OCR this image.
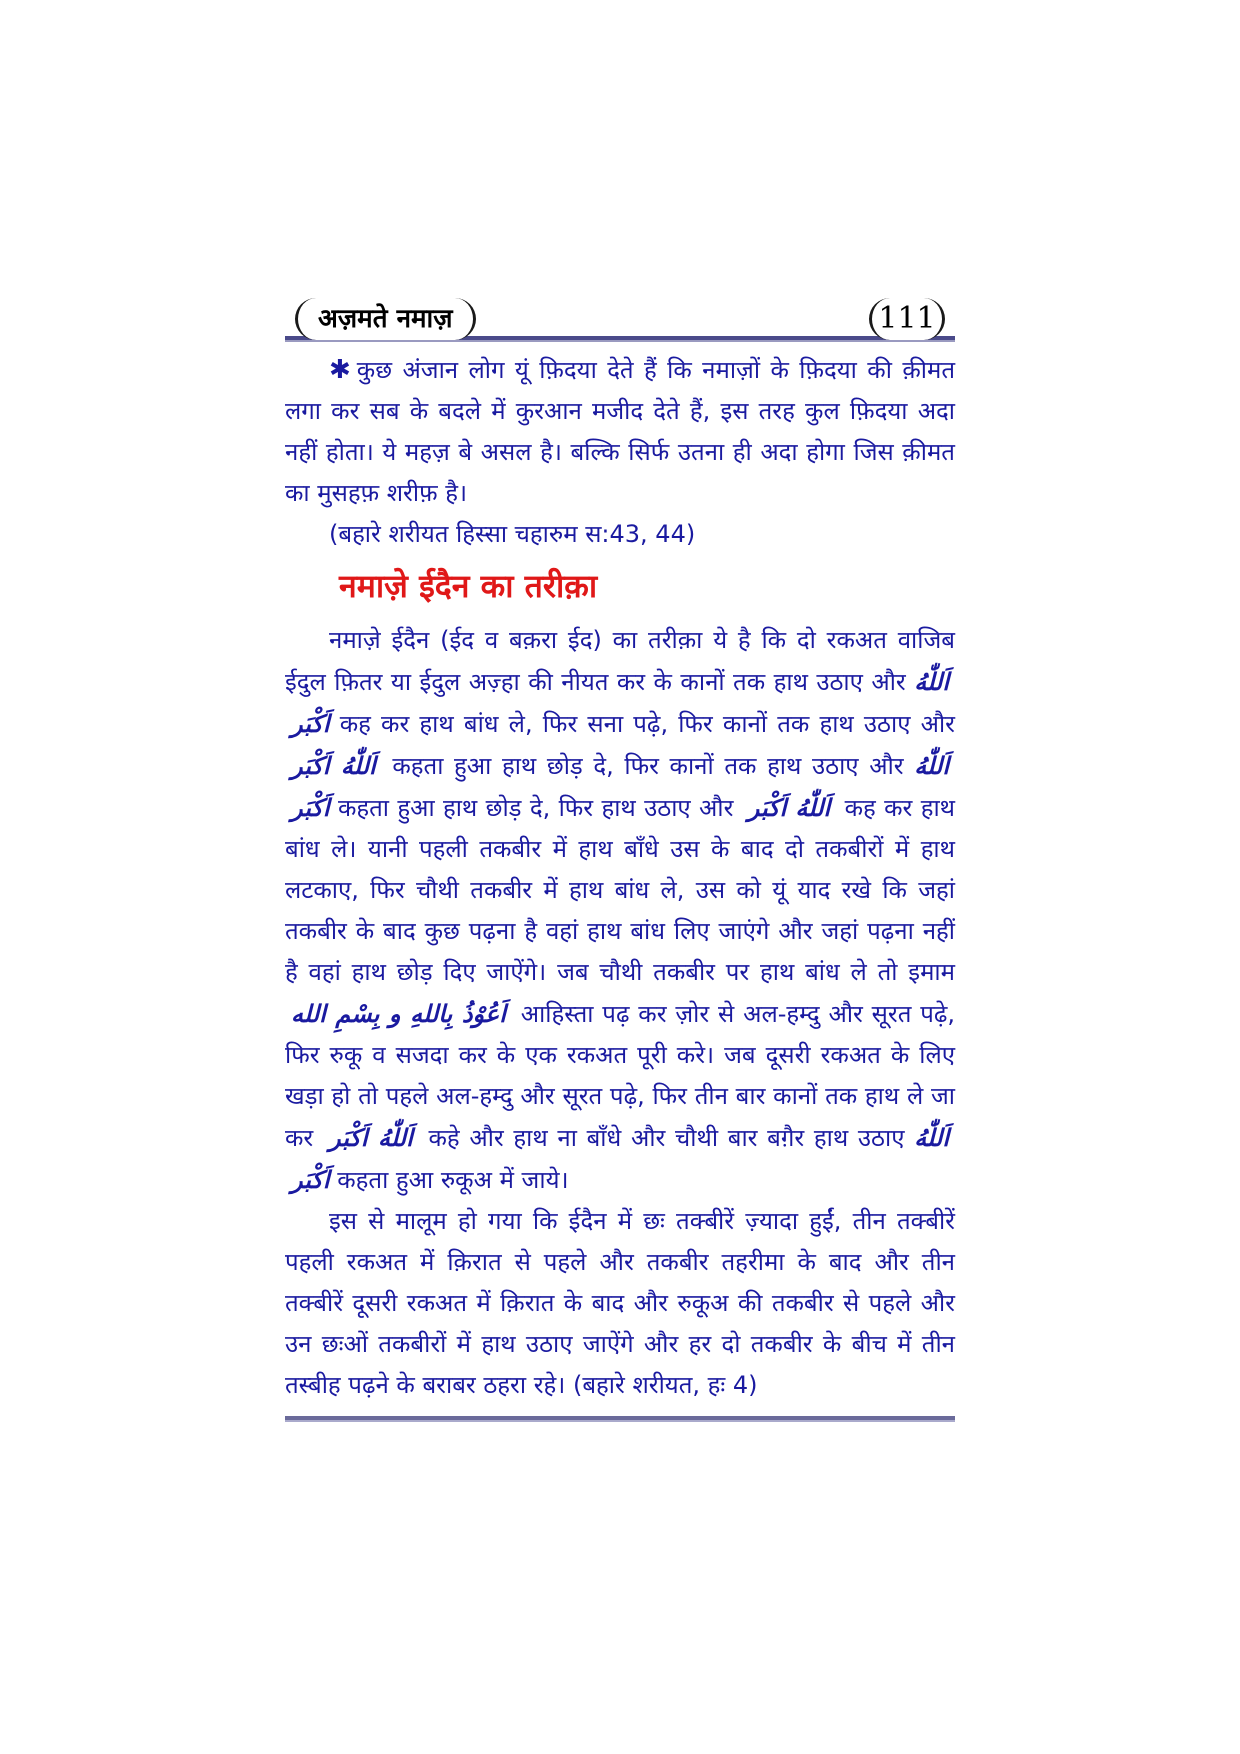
अज़मते नमाज़	111

✱ कुछ अंजान लोग यूं फ़िदया देते हैं कि नमाज़ों के फ़िदया की क़ीमत लगा कर सब के बदले में कुरआन मजीद देते हैं, इस तरह कुल फ़िदया अदा नहीं होता। ये महज़ बे असल है। बल्कि सिर्फ उतना ही अदा होगा जिस क़ीमत का मुसहफ़ शरीफ़ है।

(बहारे शरीयत हिस्सा चहारुम स:43, 44)
नमाज़े ईदैन का तरीक़ा

नमाज़े ईदैन (ईद व बक़रा ईद) का तरीक़ा ये है कि दो रकअत वाजिब ईदुल फ़ितर या ईदुल अज़्हा की नीयत कर के कानों तक हाथ उठाए और اَللّٰهُ اَكْبَر कह कर हाथ बांध ले, फिर सना पढ़े, फिर कानों तक हाथ उठाए और اَللّٰهُ اَكْبَر कहता हुआ हाथ छोड़ दे, फिर कानों तक हाथ उठाए और اَللّٰهُ اَكْبَر कहता हुआ हाथ छोड़ दे, फिर हाथ उठाए और اَللّٰهُ اَكْبَر कह कर हाथ बांध ले। यानी पहली तकबीर में हाथ बाँधे उस के बाद दो तकबीरों में हाथ लटकाए, फिर चौथी तकबीर में हाथ बांध ले, उस को यूं याद रखे कि जहां तकबीर के बाद कुछ पढ़ना है वहां हाथ बांध लिए जाएंगे और जहां पढ़ना नहीं है वहां हाथ छोड़ दिए जाऐंगे। जब चौथी तकबीर पर हाथ बांध ले तो इमाम اَعُوْذُ بِاللهِ و بِسْمِ الله आहिस्ता पढ़ कर ज़ोर से अल-हम्दु और सूरत पढ़े, फिर रुकू व सजदा कर के एक रकअत पूरी करे। जब दूसरी रकअत के लिए खड़ा हो तो पहले अल-हम्दु और सूरत पढ़े, फिर तीन बार कानों तक हाथ ले जा कर اَللّٰهُ اَكْبَر कहे और हाथ ना बाँधे और चौथी बार बग़ैर हाथ उठाए اَللّٰهُ اَكْبَر कहता हुआ रुकूअ में जाये।

इस से मालूम हो गया कि ईदैन में छः तक्बीरें ज़्यादा हुईं, तीन तक्बीरें पहली रकअत में क़िरात से पहले और तकबीर तहरीमा के बाद और तीन तक्बीरें दूसरी रकअत में क़िरात के बाद और रुकूअ की तकबीर से पहले और उन छःओं तकबीरों में हाथ उठाए जाऐंगे और हर दो तकबीर के बीच में तीन तस्बीह पढ़ने के बराबर ठहरा रहे। (बहारे शरीयत, हः 4)
